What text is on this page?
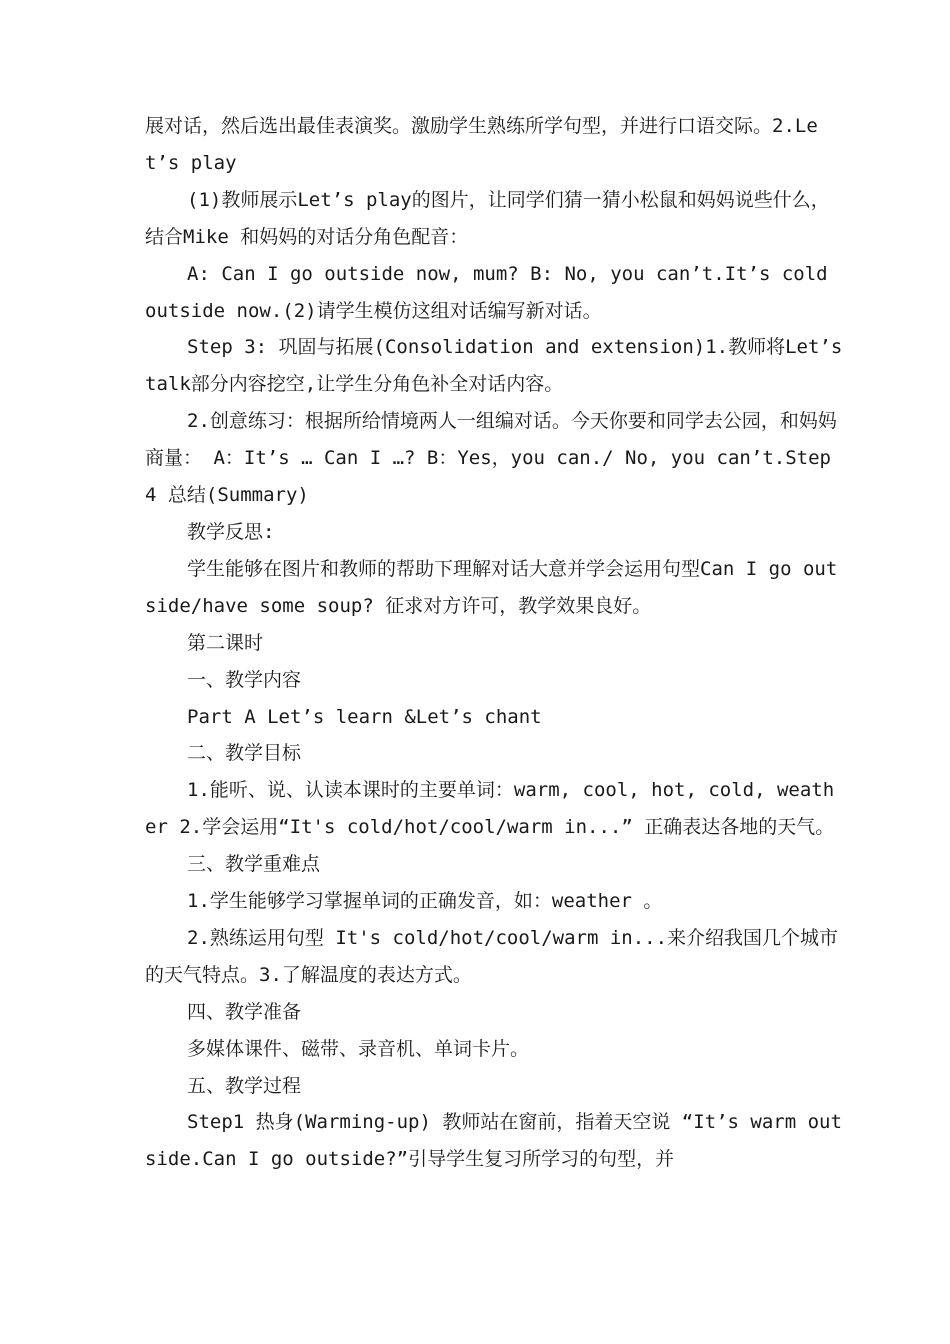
展对话，然后选出最佳表演奖。激励学生熟练所学句型，并进行口语交际。2.Let’s play

(1)教师展示Let’s play的图片，让同学们猜一猜小松鼠和妈妈说些什么，结合Mike 和妈妈的对话分角色配音：

A: Can I go outside now, mum? B: No, you can’t.It’s cold outside now.(2)请学生模仿这组对话编写新对话。

Step 3: 巩固与拓展(Consolidation and extension)1.教师将Let’s talk部分内容挖空,让学生分角色补全对话内容。

2.创意练习：根据所给情境两人一组编对话。今天你要和同学去公园，和妈妈商量： A：It’s … Can I …? B：Yes，you can./ No, you can’t.Step 4 总结(Summary)

教学反思:

学生能够在图片和教师的帮助下理解对话大意并学会运用句型Can I go outside/have some soup? 征求对方许可，教学效果良好。

第二课时

一、教学内容

Part A Let’s learn &Let’s chant

二、教学目标

1.能听、说、认读本课时的主要单词：warm, cool, hot, cold, weather 2.学会运用“It's cold/hot/cool/warm in...” 正确表达各地的天气。

三、教学重难点

1.学生能够学习掌握单词的正确发音，如：weather 。

2.熟练运用句型 It's cold/hot/cool/warm in...来介绍我国几个城市的天气特点。3.了解温度的表达方式。

四、教学准备

多媒体课件、磁带、录音机、单词卡片。

五、教学过程

Step1 热身(Warming-up) 教师站在窗前，指着天空说 “It’s warm outside.Can I go outside?”引导学生复习所学习的句型，并
